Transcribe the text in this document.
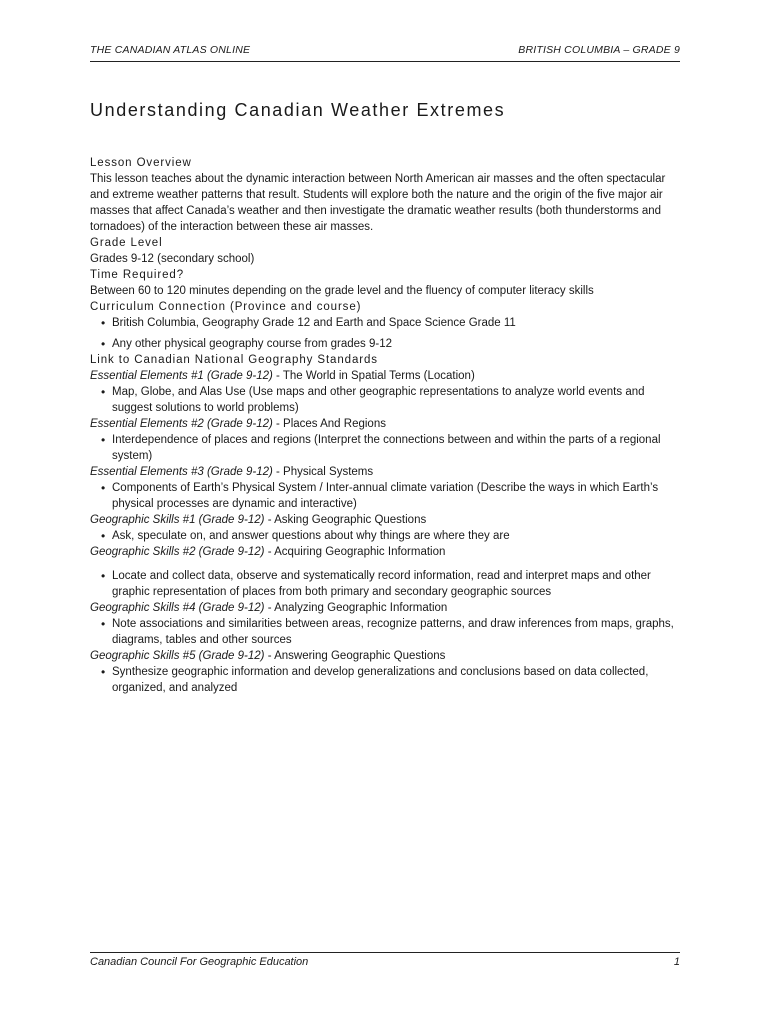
THE CANADIAN ATLAS ONLINE	BRITISH COLUMBIA – GRADE 9
Understanding Canadian Weather Extremes

Lesson Overview

This lesson teaches about the dynamic interaction between North American air masses and the often spectacular and extreme weather patterns that result. Students will explore both the nature and the origin of the five major air masses that affect Canada’s weather and then investigate the dramatic weather results (both thunderstorms and tornadoes) of the interaction between these air masses.

Grade Level

Grades 9-12 (secondary school)

Time Required?

Between 60 to 120 minutes depending on the grade level and the fluency of computer literacy skills

Curriculum Connection (Province and course)

• British Columbia, Geography Grade 12 and Earth and Space Science Grade 11
• Any other physical geography course from grades 9-12

Link to Canadian National Geography Standards

Essential Elements #1 (Grade 9-12) - The World in Spatial Terms (Location)

• Map, Globe, and Alas Use (Use maps and other geographic representations to analyze world events and suggest solutions to world problems)

Essential Elements #2 (Grade 9-12) - Places And Regions

• Interdependence of places and regions (Interpret the connections between and within the parts of a regional system)

Essential Elements #3 (Grade 9-12) - Physical Systems

• Components of Earth’s Physical System / Inter-annual climate variation (Describe the ways in which Earth’s physical processes are dynamic and interactive)

Geographic Skills #1 (Grade 9-12) - Asking Geographic Questions

• Ask, speculate on, and answer questions about why things are where they are

Geographic Skills #2 (Grade 9-12) - Acquiring Geographic Information

• Locate and collect data, observe and systematically record information, read and interpret maps and other graphic representation of places from both primary and secondary geographic sources

Geographic Skills #4 (Grade 9-12) - Analyzing Geographic Information

• Note associations and similarities between areas, recognize patterns, and draw inferences from maps, graphs, diagrams, tables and other sources

Geographic Skills #5 (Grade 9-12) - Answering Geographic Questions

• Synthesize geographic information and develop generalizations and conclusions based on data collected, organized, and analyzed
Canadian Council For Geographic Education	1
